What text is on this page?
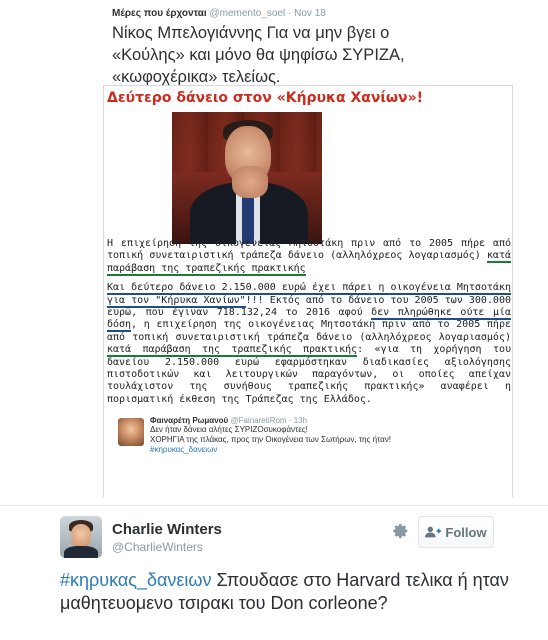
Μέρες που έρχονται @memento_soel · Nov 18
Νίκος Μπελογιάννης Για να μην βγει ο «Κούλης» και μόνο θα ψηφίσω ΣΥΡΙΖΑ, «κωφοχέρικα» τελείως.
Δεύτερο δάνειο στον «Κήρυκα Χανίων»!

Η επιχείρηση της οικογένειας Μητσοτάκη πριν από το 2005 πήρε από τοπική συνεταιριστική τράπεζα δάνειο (αλληλόχρεος λογαριασμός) κατά παράβαση της τραπεζικής πρακτικής

Και δεύτερο δάνειο 2.150.000 ευρώ έχει πάρει η οικογένεια Μητσοτάκη για τον "Κήρυκα Χανίων"!!! Εκτός από το δάνειο του 2005 των 300.000 ευρώ, που έγιναν 718.132,24 το 2016 αφού δεν πληρώθηκε ούτε μία δόση, η επιχείρηση της οικογένειας Μητσοτάκη πριν από το 2005 πήρε από τοπική συνεταιριστική τράπεζα δάνειο (αλληλόχρεος λογαριασμός) κατά παράβαση της τραπεζικής πρακτικής: «για τη χορήγηση του δανείου 2.150.000 ευρώ εφαρμόστηκαν διαδικασίες αξιολόγησης πιστοδοτικών και λειτουργικών παραγόντων, οι οποίες απείχαν τουλάχιστον της συνήθους τραπεζικής πρακτικής» αναφέρει η πορισματική έκθεση της Τράπεζας της Ελλάδος.

Φαιναρέτη Ρωμανού @FainaretiRom · 13h
Δεν ήταν δάνεια αλήτες ΣΥΡΙΖΟσυκοφάντες!
ΧΟΡΗΓΙΑ της πλάκας, προς την Οικογένεια των Σωτήρων, της ήταν!
#κηρυκας_δανειων
Charlie Winters
@CharlieWinters
Follow
#κηρυκας_δανειων Σπουδασε στο Harvard τελικα ή ηταν μαθητευομενο τσιρακι του Don corleone?
